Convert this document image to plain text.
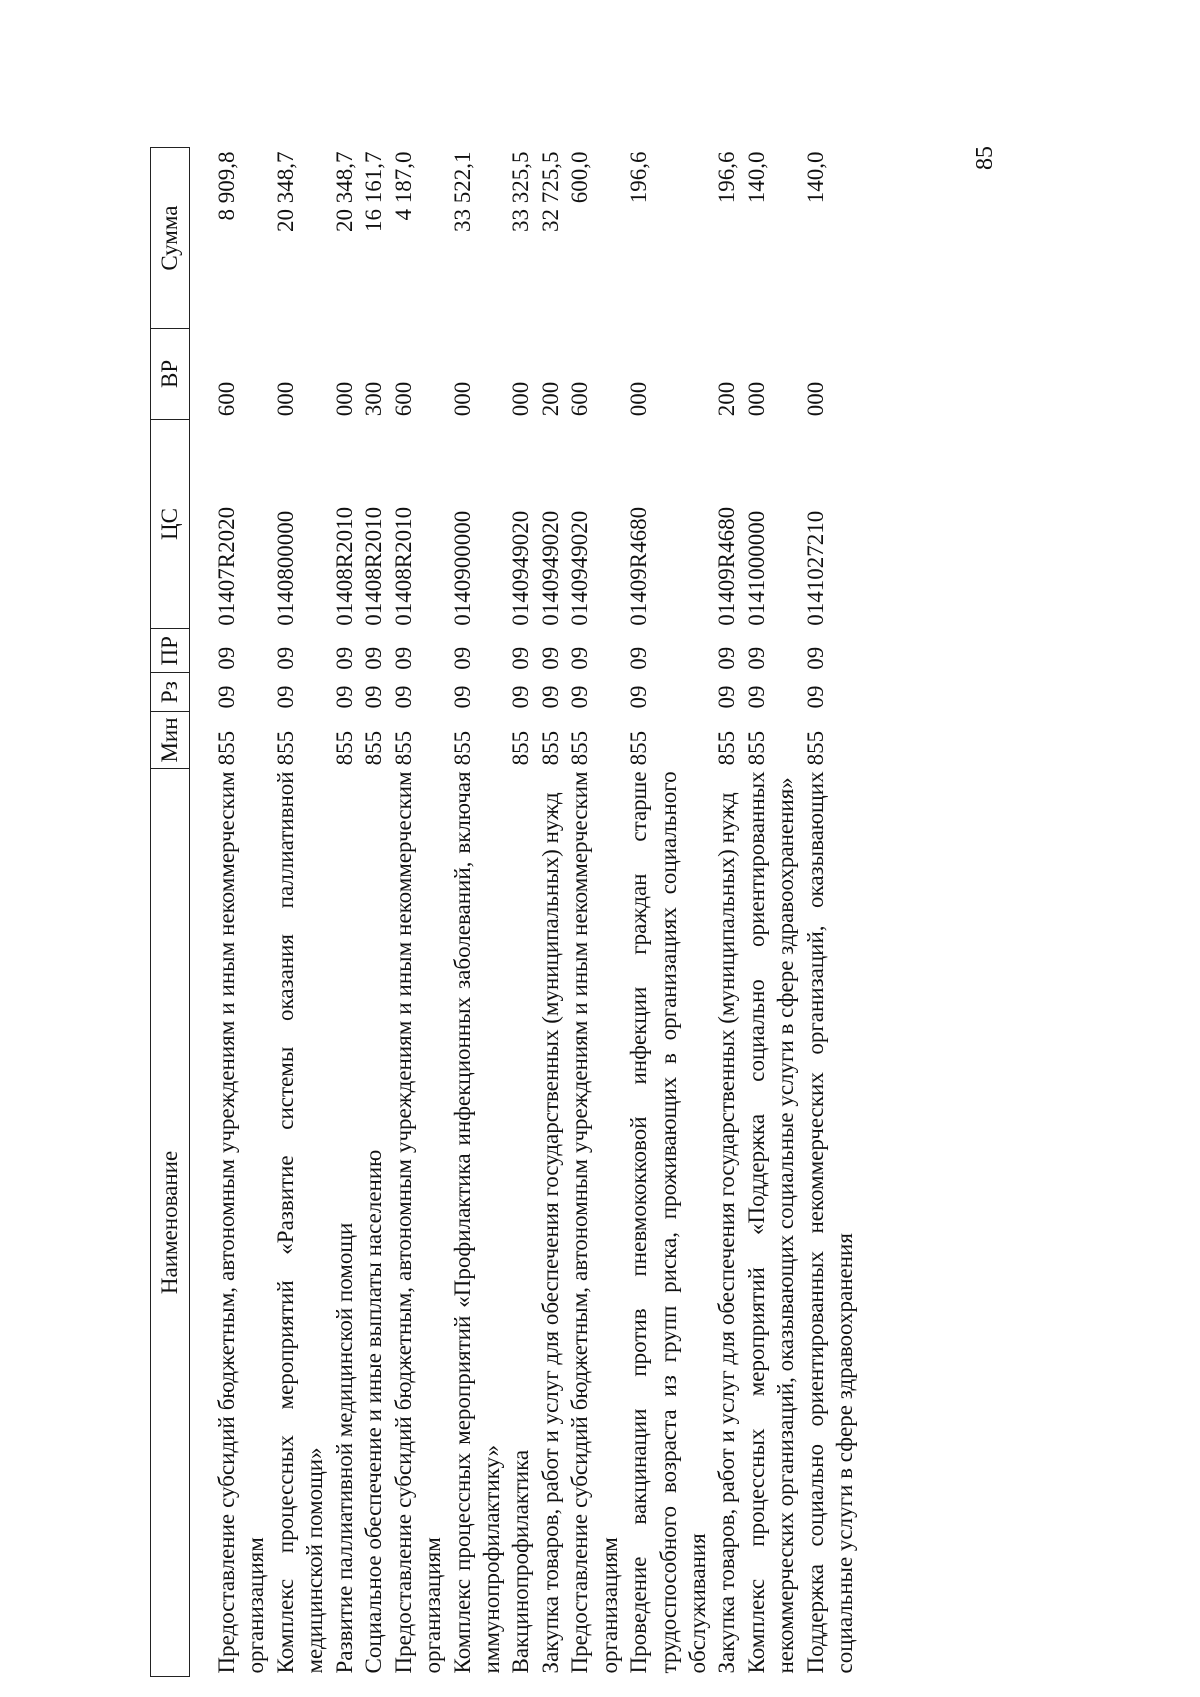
85
Наименование	Мин	Рз	ПР	ЦС	ВР	Сумма
Предоставление субсидий бюджетным, автономным учреждениям и иным некоммерческим организациям	855	09	09	01407R2020	600	8 909,8
Комплекс процессных мероприятий «Развитие системы оказания паллиативной медицинской помощи»	855	09	09	0140800000	000	20 348,7
Развитие паллиативной медицинской помощи	855	09	09	01408R2010	000	20 348,7
Социальное обеспечение и иные выплаты населению	855	09	09	01408R2010	300	16 161,7
Предоставление субсидий бюджетным, автономным учреждениям и иным некоммерческим организациям	855	09	09	01408R2010	600	4 187,0
Комплекс процессных мероприятий «Профилактика инфекционных заболеваний, включая иммунопрофилактику»	855	09	09	0140900000	000	33 522,1
Вакцинопрофилактика	855	09	09	0140949020	000	33 325,5
Закупка товаров, работ и услуг для обеспечения государственных (муниципальных) нужд	855	09	09	0140949020	200	32 725,5
Предоставление субсидий бюджетным, автономным учреждениям и иным некоммерческим организациям	855	09	09	0140949020	600	600,0
Проведение вакцинации против пневмококковой инфекции граждан старше трудоспособного возраста из групп риска, проживающих в организациях социального обслуживания	855	09	09	01409R4680	000	196,6
Закупка товаров, работ и услуг для обеспечения государственных (муниципальных) нужд	855	09	09	01409R4680	200	196,6
Комплекс процессных мероприятий «Поддержка социально ориентированных некоммерческих организаций, оказывающих социальные услуги в сфере здравоохранения»	855	09	09	0141000000	000	140,0
Поддержка социально ориентированных некоммерческих организаций, оказывающих социальные услуги в сфере здравоохранения	855	09	09	0141027210	000	140,0
